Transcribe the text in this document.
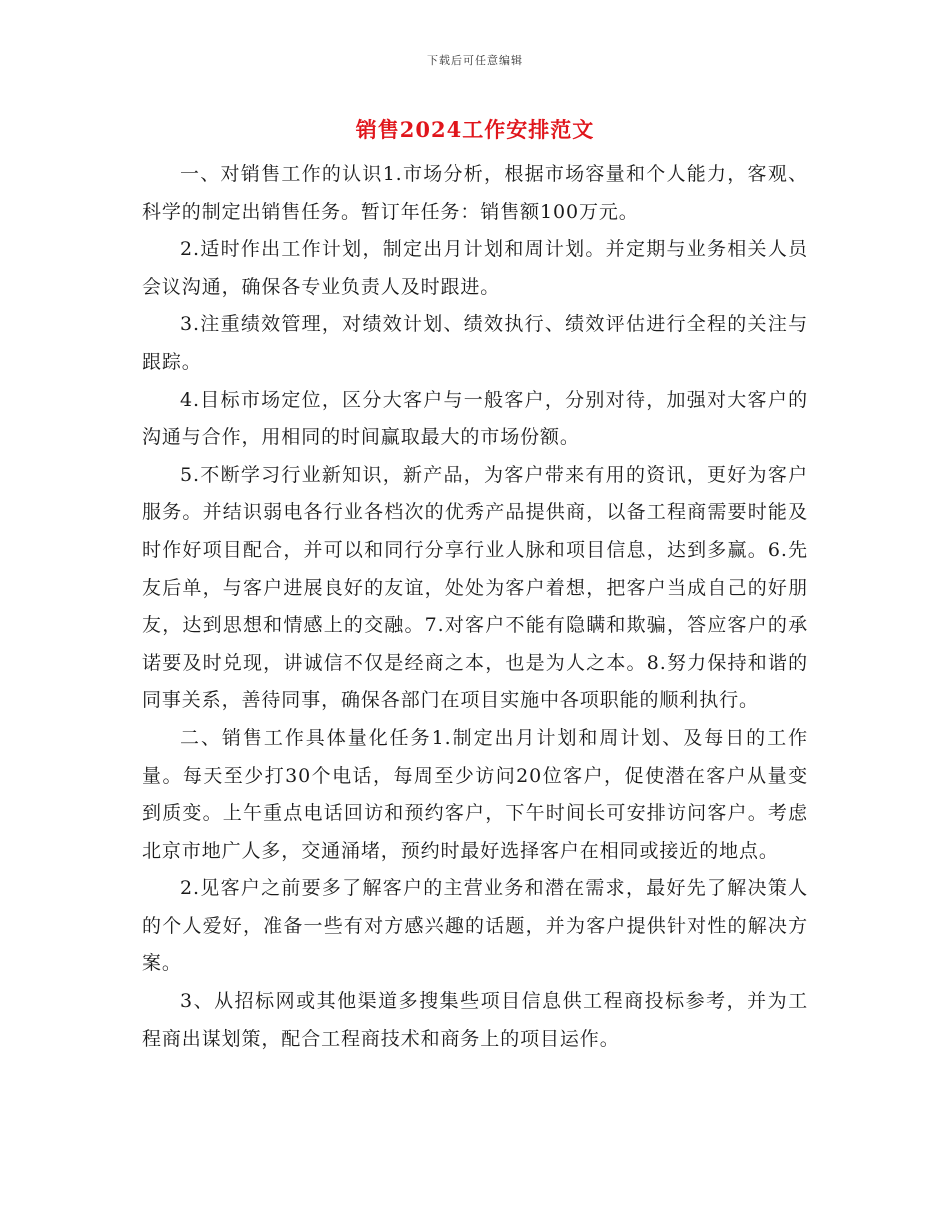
下载后可任意编辑
销售2024工作安排范文

一、对销售工作的认识1.市场分析，根据市场容量和个人能力，客观、科学的制定出销售任务。暂订年任务：销售额100万元。

2.适时作出工作计划，制定出月计划和周计划。并定期与业务相关人员会议沟通，确保各专业负责人及时跟进。

3.注重绩效管理，对绩效计划、绩效执行、绩效评估进行全程的关注与跟踪。

4.目标市场定位，区分大客户与一般客户，分别对待，加强对大客户的沟通与合作，用相同的时间赢取最大的市场份额。

5.不断学习行业新知识，新产品，为客户带来有用的资讯，更好为客户服务。并结识弱电各行业各档次的优秀产品提供商，以备工程商需要时能及时作好项目配合，并可以和同行分享行业人脉和项目信息，达到多赢。6.先友后单，与客户进展良好的友谊，处处为客户着想，把客户当成自己的好朋友，达到思想和情感上的交融。7.对客户不能有隐瞒和欺骗，答应客户的承诺要及时兑现，讲诚信不仅是经商之本，也是为人之本。8.努力保持和谐的同事关系，善待同事，确保各部门在项目实施中各项职能的顺利执行。

二、销售工作具体量化任务1.制定出月计划和周计划、及每日的工作量。每天至少打30个电话，每周至少访问20位客户，促使潜在客户从量变到质变。上午重点电话回访和预约客户，下午时间长可安排访问客户。考虑北京市地广人多，交通涌堵，预约时最好选择客户在相同或接近的地点。

2.见客户之前要多了解客户的主营业务和潜在需求，最好先了解决策人的个人爱好，准备一些有对方感兴趣的话题，并为客户提供针对性的解决方案。

3、从招标网或其他渠道多搜集些项目信息供工程商投标参考，并为工程商出谋划策，配合工程商技术和商务上的项目运作。
